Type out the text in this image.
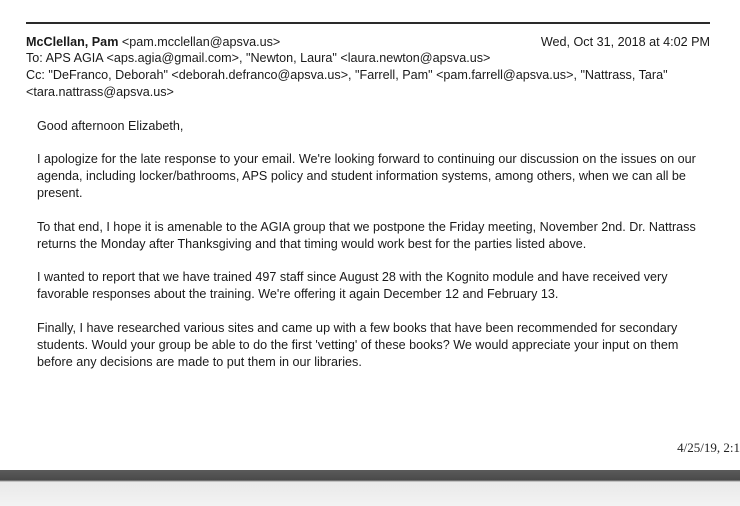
McClellan, Pam <pam.mcclellan@apsva.us>	Wed, Oct 31, 2018 at 4:02 PM
To: APS AGIA <aps.agia@gmail.com>, "Newton, Laura" <laura.newton@apsva.us>
Cc: "DeFranco, Deborah" <deborah.defranco@apsva.us>, "Farrell, Pam" <pam.farrell@apsva.us>, "Nattrass, Tara"
<tara.nattrass@apsva.us>
Good afternoon Elizabeth,
I apologize for the late response to your email. We're looking forward to continuing our discussion on the issues on our agenda, including locker/bathrooms, APS policy and student information systems, among others, when we can all be present.
To that end, I hope it is amenable to the AGIA group that we postpone the Friday meeting, November 2nd. Dr. Nattrass returns the Monday after Thanksgiving and that timing would work best for the parties listed above.
I wanted to report that we have trained 497 staff since August 28 with the Kognito module and have received very favorable responses about the training. We're offering it again December 12 and February 13.
Finally, I have researched various sites and came up with a few books that have been recommended for secondary students. Would your group be able to do the first 'vetting' of these books? We would appreciate your input on them before any decisions are made to put them in our libraries.
4/25/19, 2:1
